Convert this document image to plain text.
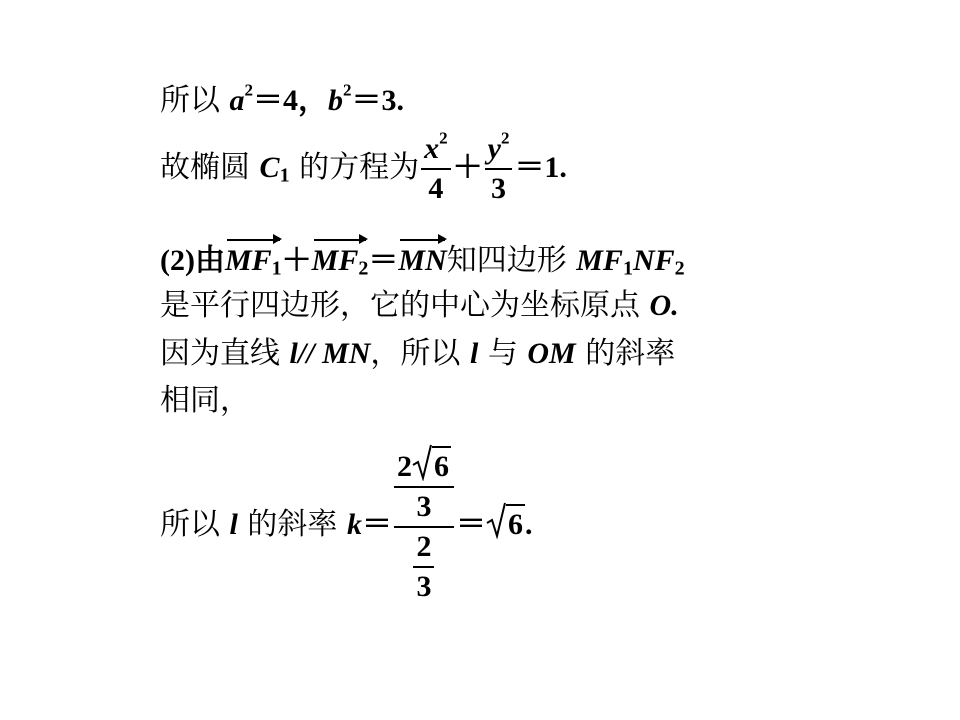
所以 $a^2=4$，$b^2=3$.
故椭圆 $C_1$ 的方程为 $\frac{x^2}{4} + \frac{y^2}{3} =1$.
(2)由$MF_1+MF_2=MN$知四边形 $MF_1NF_2$
是平行四边形，它的中心为坐标原点 O.
因为直线 l// MN，所以 l 与 OM 的斜率
相同，
所以 l 的斜率 $k= \frac{\frac{2 6}{3}}{\frac{2}{3}} = 6$.
